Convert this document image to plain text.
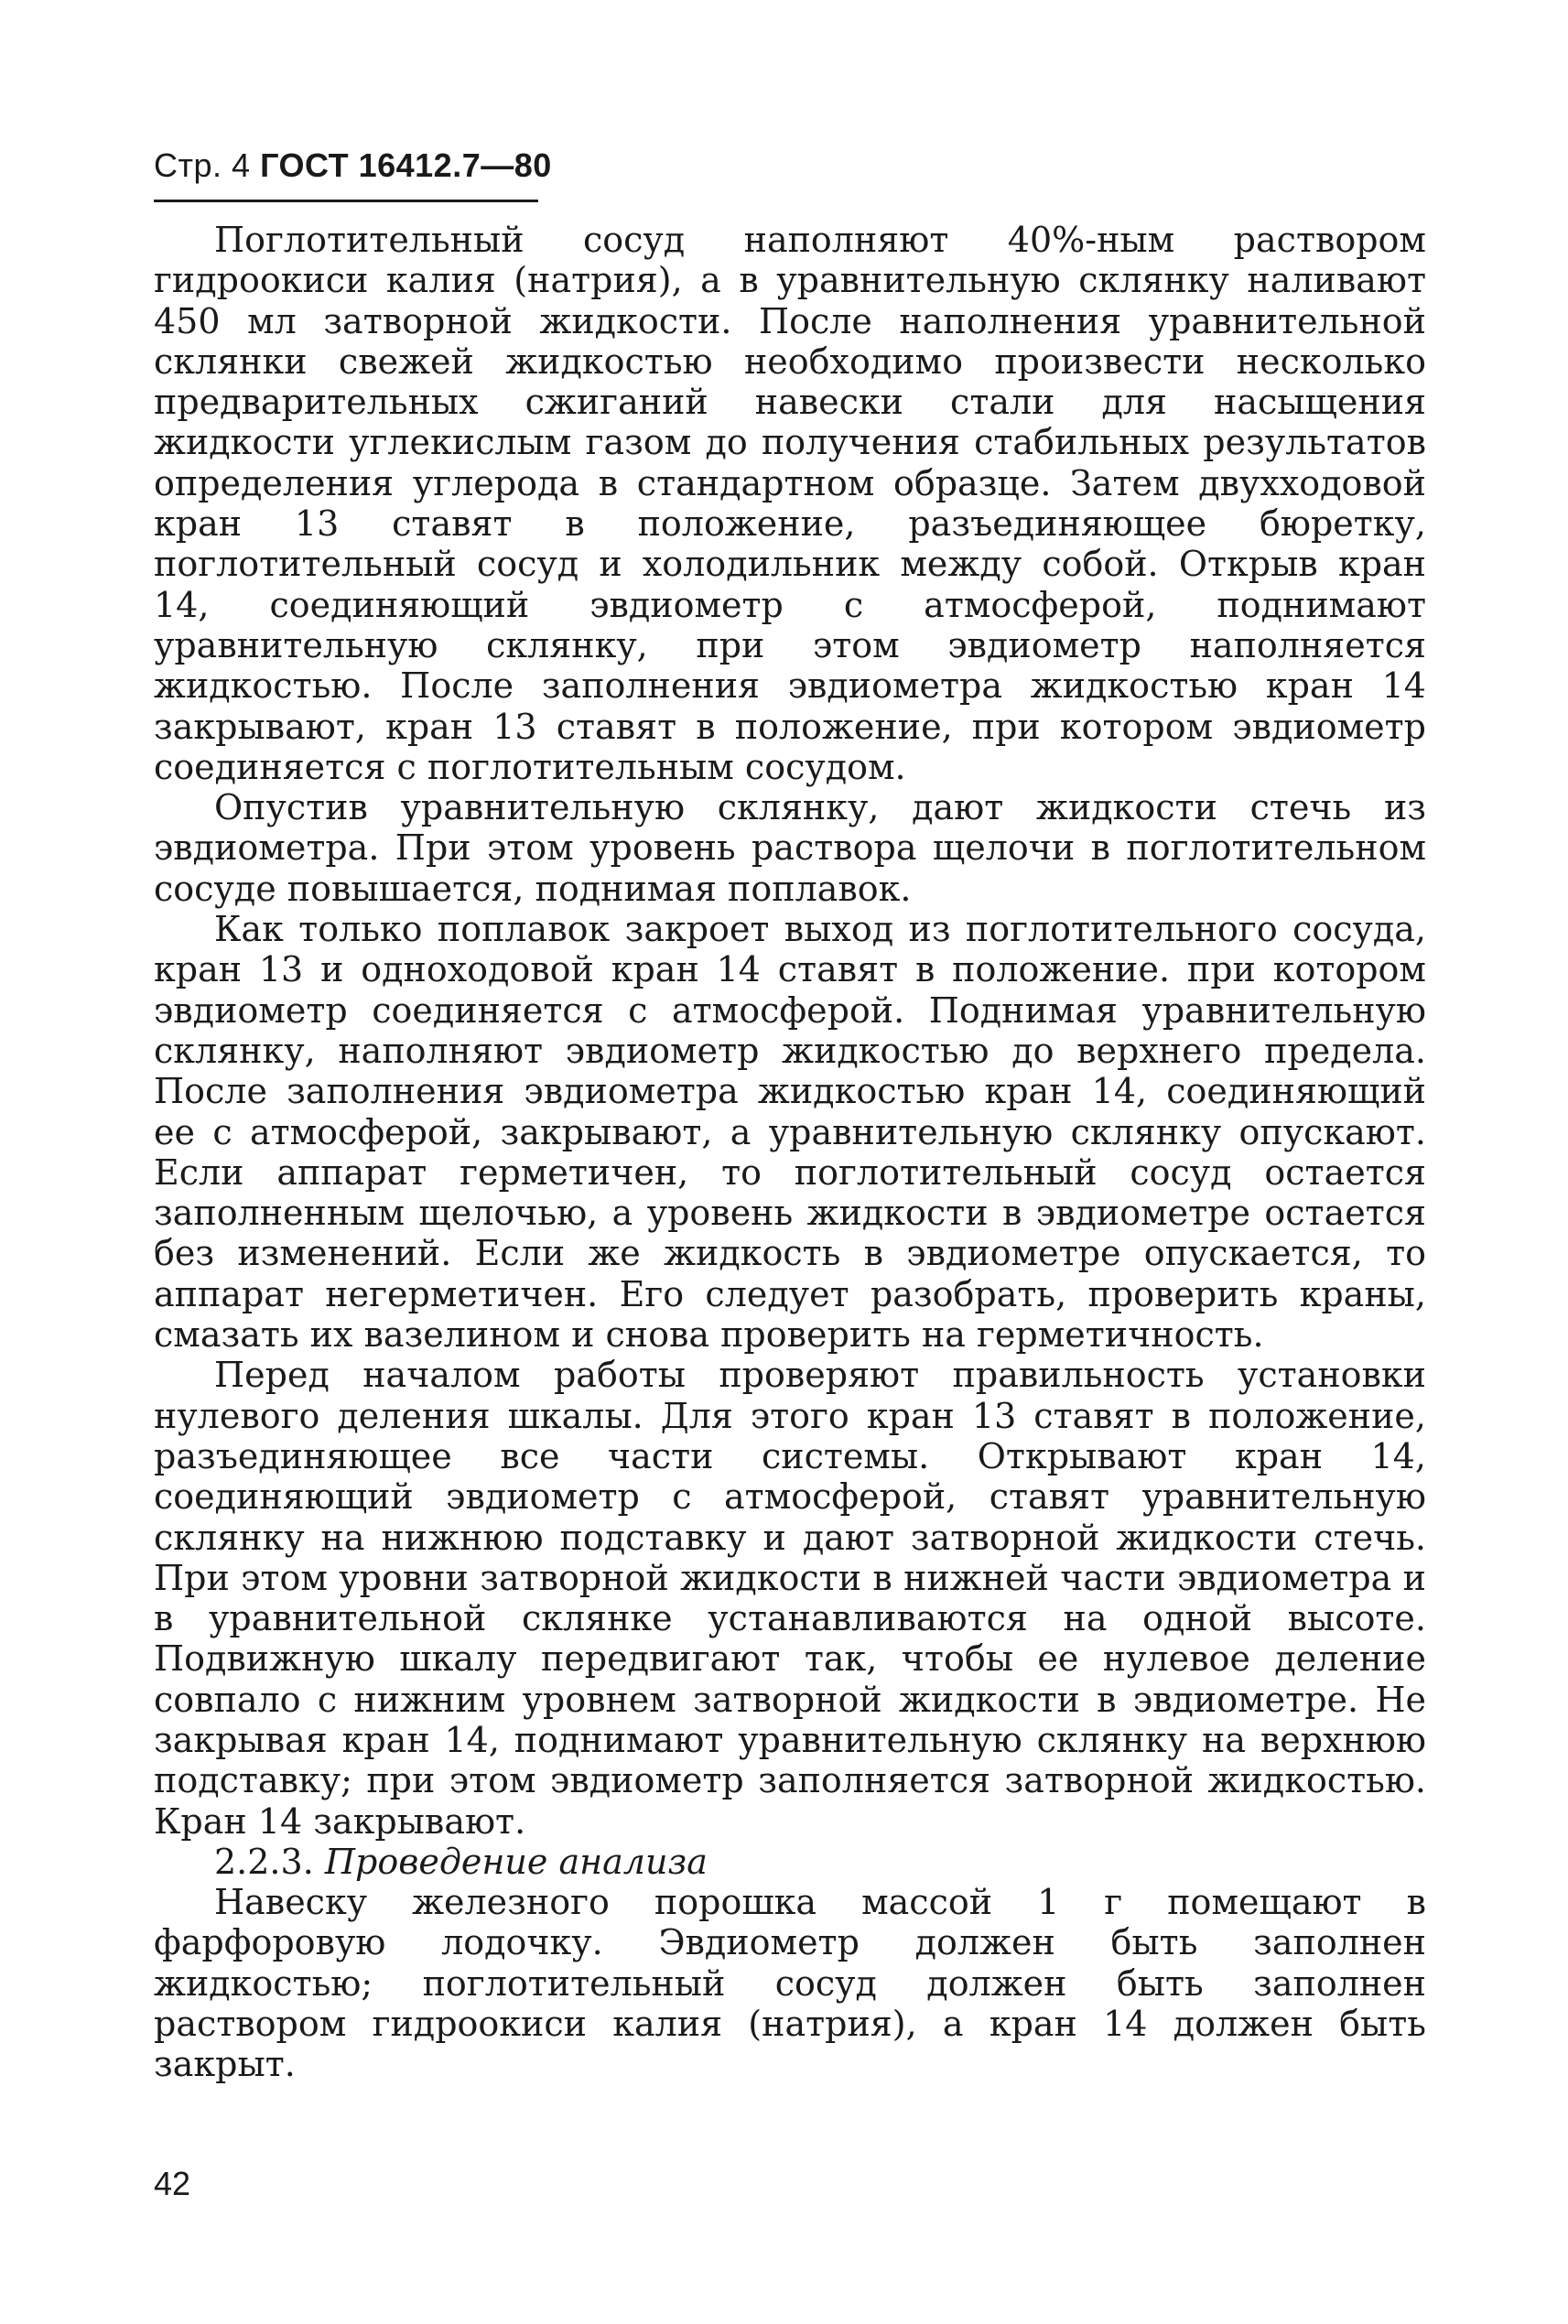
Стр. 4 ГОСТ 16412.7—80

Поглотительный сосуд наполняют 40%-ным раствором гидроокиси калия (натрия), а в уравнительную склянку наливают 450 мл затворной жидкости. После наполнения уравнительной склянки свежей жидкостью необходимо произвести несколько предварительных сжиганий навески стали для насыщения жидкости углекислым газом до получения стабильных результатов определения углерода в стандартном образце. Затем двухходовой кран 13 ставят в положение, разъединяющее бюретку, поглотительный сосуд и холодильник между собой. Открыв кран 14, соединяющий эвдиометр с атмосферой, поднимают уравнительную склянку, при этом эвдиометр наполняется жидкостью. После заполнения эвдиометра жидкостью кран 14 закрывают, кран 13 ставят в положение, при котором эвдиометр соединяется с поглотительным сосудом.

Опустив уравнительную склянку, дают жидкости стечь из эвдиометра. При этом уровень раствора щелочи в поглотительном сосуде повышается, поднимая поплавок.

Как только поплавок закроет выход из поглотительного сосуда, кран 13 и одноходовой кран 14 ставят в положение. при котором эвдиометр соединяется с атмосферой. Поднимая уравнительную склянку, наполняют эвдиометр жидкостью до верхнего предела. После заполнения эвдиометра жидкостью кран 14, соединяющий ее с атмосферой, закрывают, а уравнительную склянку опускают. Если аппарат герметичен, то поглотительный сосуд остается заполненным щелочью, а уровень жидкости в эвдиометре остается без изменений. Если же жидкость в эвдиометре опускается, то аппарат негерметичен. Его следует разобрать, проверить краны, смазать их вазелином и снова проверить на герметичность.

Перед началом работы проверяют правильность установки нулевого деления шкалы. Для этого кран 13 ставят в положение, разъединяющее все части системы. Открывают кран 14, соединяющий эвдиометр с атмосферой, ставят уравнительную склянку на нижнюю подставку и дают затворной жидкости стечь. При этом уровни затворной жидкости в нижней части эвдиометра и в уравнительной склянке устанавливаются на одной высоте. Подвижную шкалу передвигают так, чтобы ее нулевое деление совпало с нижним уровнем затворной жидкости в эвдиометре. Не закрывая кран 14, поднимают уравнительную склянку на верхнюю подставку; при этом эвдиометр заполняется затворной жидкостью. Кран 14 закрывают.

2.2.3. Проведение анализа

Навеску железного порошка массой 1 г помещают в фарфоровую лодочку. Эвдиометр должен быть заполнен жидкостью; поглотительный сосуд должен быть заполнен раствором гидроокиси калия (натрия), а кран 14 должен быть закрыт.

42
